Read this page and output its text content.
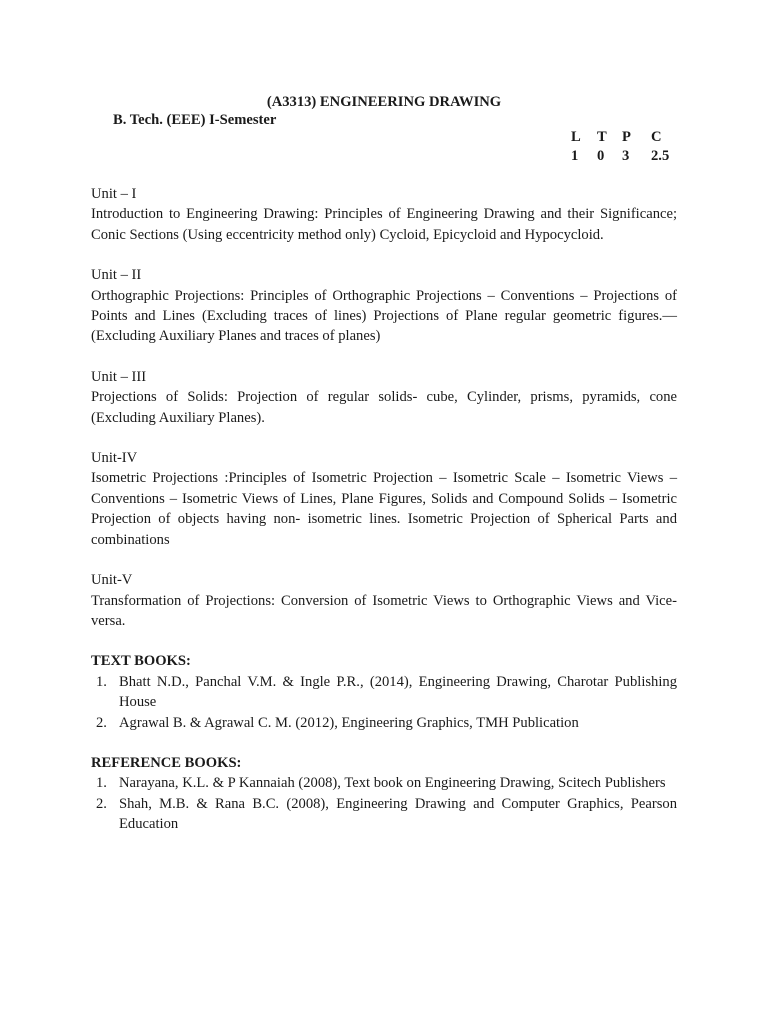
(A3313) ENGINEERING DRAWING
B. Tech. (EEE) I-Semester
L T P C
1 0 3 2.5
Unit – I
Introduction to Engineering Drawing: Principles of Engineering Drawing and their Significance; Conic Sections (Using eccentricity method only) Cycloid, Epicycloid and Hypocycloid.
Unit – II
Orthographic Projections: Principles of Orthographic Projections – Conventions – Projections of Points and Lines (Excluding traces of lines) Projections of Plane regular geometric figures.—(Excluding Auxiliary Planes and traces of planes)
Unit – III
Projections of Solids: Projection of regular solids- cube, Cylinder, prisms, pyramids, cone (Excluding Auxiliary Planes).
Unit-IV
Isometric Projections :Principles of Isometric Projection – Isometric Scale – Isometric Views – Conventions – Isometric Views of Lines, Plane Figures, Solids and Compound Solids – Isometric Projection of objects having non- isometric lines. Isometric Projection of Spherical Parts and combinations
Unit-V
Transformation of Projections: Conversion of Isometric Views to Orthographic Views and Vice-versa.
TEXT BOOKS:
1. Bhatt N.D., Panchal V.M. & Ingle P.R., (2014), Engineering Drawing, Charotar Publishing House
2. Agrawal B. & Agrawal C. M. (2012), Engineering Graphics, TMH Publication
REFERENCE BOOKS:
1. Narayana, K.L. & P Kannaiah (2008), Text book on Engineering Drawing, Scitech Publishers
2. Shah, M.B. & Rana B.C. (2008), Engineering Drawing and Computer Graphics, Pearson Education
